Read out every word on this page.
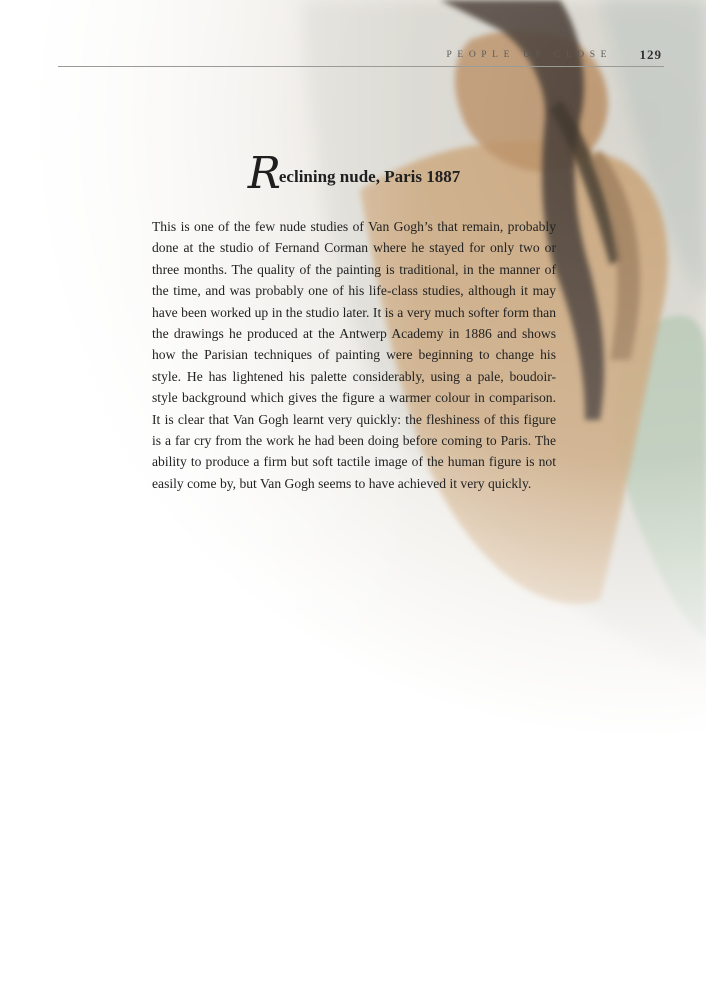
PEOPLE UP CLOSE 129
Reclining nude, Paris 1887

This is one of the few nude studies of Van Gogh’s that remain, probably done at the studio of Fernand Corman where he stayed for only two or three months. The quality of the painting is traditional, in the manner of the time, and was probably one of his life-class studies, although it may have been worked up in the studio later. It is a very much softer form than the drawings he produced at the Antwerp Academy in 1886 and shows how the Parisian techniques of painting were beginning to change his style. He has lightened his palette considerably, using a pale, boudoir-style background which gives the figure a warmer colour in comparison. It is clear that Van Gogh learnt very quickly: the fleshiness of this figure is a far cry from the work he had been doing before coming to Paris. The ability to produce a firm but soft tactile image of the human figure is not easily come by, but Van Gogh seems to have achieved it very quickly.
